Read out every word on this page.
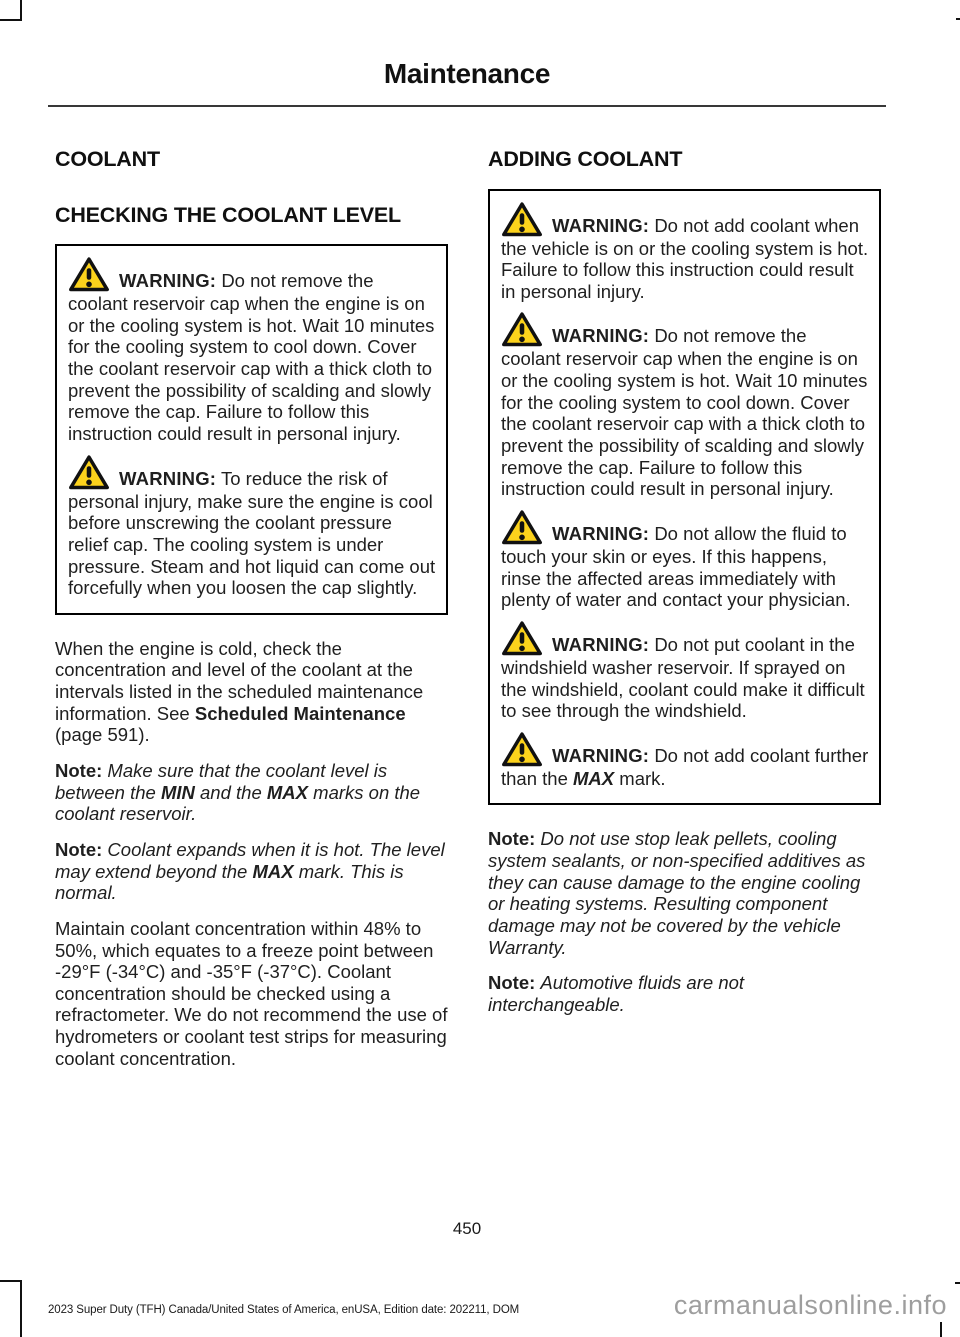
Maintenance
COOLANT
CHECKING THE COOLANT LEVEL

WARNING: Do not remove the coolant reservoir cap when the engine is on or the cooling system is hot. Wait 10 minutes for the cooling system to cool down. Cover the coolant reservoir cap with a thick cloth to prevent the possibility of scalding and slowly remove the cap. Failure to follow this instruction could result in personal injury.

WARNING: To reduce the risk of personal injury, make sure the engine is cool before unscrewing the coolant pressure relief cap. The cooling system is under pressure. Steam and hot liquid can come out forcefully when you loosen the cap slightly.

When the engine is cold, check the concentration and level of the coolant at the intervals listed in the scheduled maintenance information. See Scheduled Maintenance (page 591).

Note: Make sure that the coolant level is between the MIN and the MAX marks on the coolant reservoir.

Note: Coolant expands when it is hot. The level may extend beyond the MAX mark. This is normal.

Maintain coolant concentration within 48% to 50%, which equates to a freeze point between -29°F (-34°C) and -35°F (-37°C). Coolant concentration should be checked using a refractometer. We do not recommend the use of hydrometers or coolant test strips for measuring coolant concentration.

ADDING COOLANT

WARNING: Do not add coolant when the vehicle is on or the cooling system is hot. Failure to follow this instruction could result in personal injury.

WARNING: Do not remove the coolant reservoir cap when the engine is on or the cooling system is hot. Wait 10 minutes for the cooling system to cool down. Cover the coolant reservoir cap with a thick cloth to prevent the possibility of scalding and slowly remove the cap. Failure to follow this instruction could result in personal injury.

WARNING: Do not allow the fluid to touch your skin or eyes. If this happens, rinse the affected areas immediately with plenty of water and contact your physician.

WARNING: Do not put coolant in the windshield washer reservoir. If sprayed on the windshield, coolant could make it difficult to see through the windshield.

WARNING: Do not add coolant further than the MAX mark.

Note: Do not use stop leak pellets, cooling system sealants, or non-specified additives as they can cause damage to the engine cooling or heating systems. Resulting component damage may not be covered by the vehicle Warranty.

Note: Automotive fluids are not interchangeable.

450
2023 Super Duty (TFH) Canada/United States of America, enUSA, Edition date: 202211, DOM	carmanualsonline.info
